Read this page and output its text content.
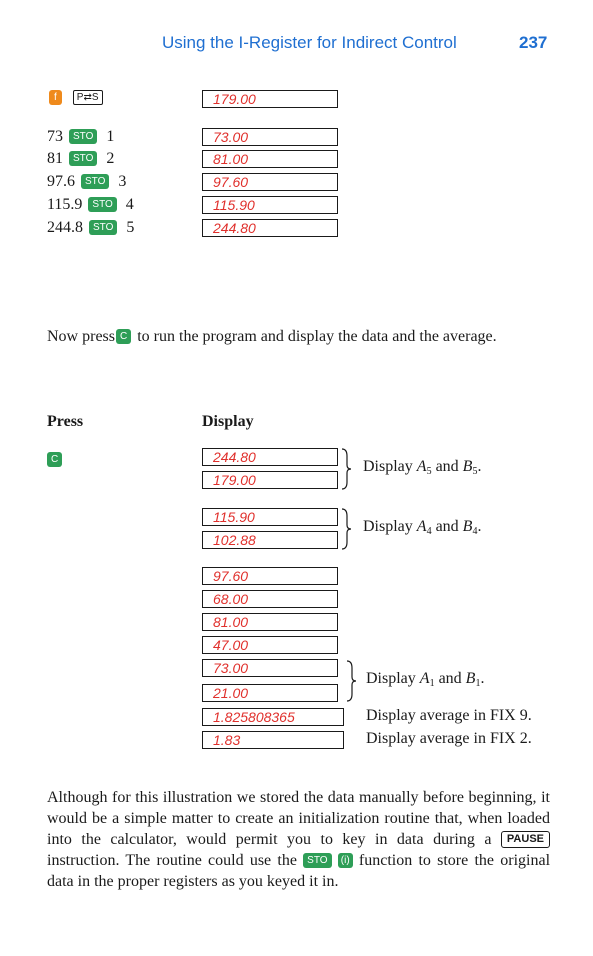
Using the I-Register for Indirect Control	237
f P⇄S	179.00
73 STO 1	73.00
81 STO 2	81.00
97.6 STO 3	97.60
115.9 STO 4	115.90
244.8 STO 5	244.80
Now press C to run the program and display the data and the average.
Press	Display
C	244.80
179.00
Display $A_5$ and $B_5$.
115.90
102.88
Display $A_4$ and $B_4$.
97.60
68.00
81.00
47.00
73.00
21.00
Display $A_1$ and $B_1$.
1.825808365	Display average in FIX 9.
1.83	Display average in FIX 2.
Although for this illustration we stored the data manually before beginning, it would be a simple matter to create an initialization routine that, when loaded into the calculator, would permit you to key in data during a PAUSE instruction. The routine could use the STO (i) function to store the original data in the proper registers as you keyed it in.
